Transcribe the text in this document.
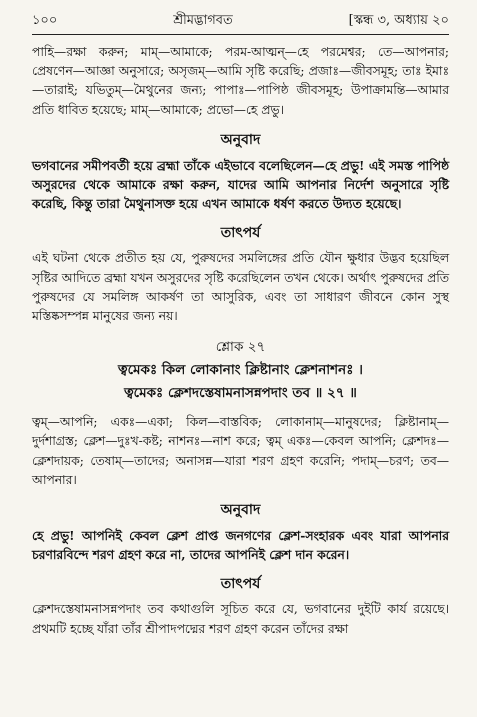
১০০	শ্রীমদ্ভাগবত	[স্কন্ধ ৩, অধ্যায় ২০

পাহি—রক্ষা করুন; মাম্—আমাকে; পরম-আত্মন্—হে পরমেশ্বর; তে—আপনার; প্রেষণেন—আজ্ঞা অনুসারে; অসৃজম্—আমি সৃষ্টি করেছি; প্রজাঃ—জীবসমূহ; তাঃ ইমাঃ—তারাই; যভিতুম্—মৈথুনের জন্য; পাপাঃ—পাপিষ্ঠ জীবসমূহ; উপাক্রামন্তি—আমার প্রতি ধাবিত হয়েছে; মাম্—আমাকে; প্রভো—হে প্রভু।

অনুবাদ

ভগবানের সমীপবর্তী হয়ে ব্রহ্মা তাঁকে এইভাবে বলেছিলেন—হে প্রভু! এই সমস্ত পাপিষ্ঠ অসুরদের থেকে আমাকে রক্ষা করুন, যাদের আমি আপনার নির্দেশ অনুসারে সৃষ্টি করেছি, কিন্তু তারা মৈথুনাসক্ত হয়ে এখন আমাকে ধর্ষণ করতে উদ্যত হয়েছে।

তাৎপর্য

এই ঘটনা থেকে প্রতীত হয় যে, পুরুষদের সমলিঙ্গের প্রতি যৌন ক্ষুধার উদ্ভব হয়েছিল সৃষ্টির আদিতে ব্রহ্মা যখন অসুরদের সৃষ্টি করেছিলেন তখন থেকে। অর্থাৎ পুরুষদের প্রতি পুরুষদের যে সমলিঙ্গ আকর্ষণ তা আসুরিক, এবং তা সাধারণ জীবনে কোন সুস্থ মস্তিষ্কসম্পন্ন মানুষের জন্য নয়।

শ্লোক ২৭

ত্বমেকঃ কিল লোকানাং ক্লিষ্টানাং ক্লেশনাশনঃ ।

ত্বমেকঃ ক্লেশদস্তেষামনাসন্নপদাং তব ॥ ২৭ ॥

ত্বম্—আপনি; একঃ—একা; কিল—বাস্তবিক; লোকানাম্—মানুষদের; ক্লিষ্টানাম্—দুর্দশাগ্রস্ত; ক্লেশ—দুঃখ-কষ্ট; নাশনঃ—নাশ করে; ত্বম্ একঃ—কেবল আপনি; ক্লেশদঃ—ক্লেশদায়ক; তেষাম্—তাদের; অনাসন্ন—যারা শরণ গ্রহণ করেনি; পদাম্—চরণ; তব—আপনার।

অনুবাদ

হে প্রভু! আপনিই কেবল ক্লেশ প্রাপ্ত জনগণের ক্লেশ-সংহারক এবং যারা আপনার চরণারবিন্দে শরণ গ্রহণ করে না, তাদের আপনিই ক্লেশ দান করেন।

তাৎপর্য

ক্লেশদস্তেষামনাসন্নপদাং তব কথাগুলি সূচিত করে যে, ভগবানের দুইটি কার্য রয়েছে। প্রথমটি হচ্ছে যাঁরা তাঁর শ্রীপাদপদ্মের শরণ গ্রহণ করেন তাঁদের রক্ষা
